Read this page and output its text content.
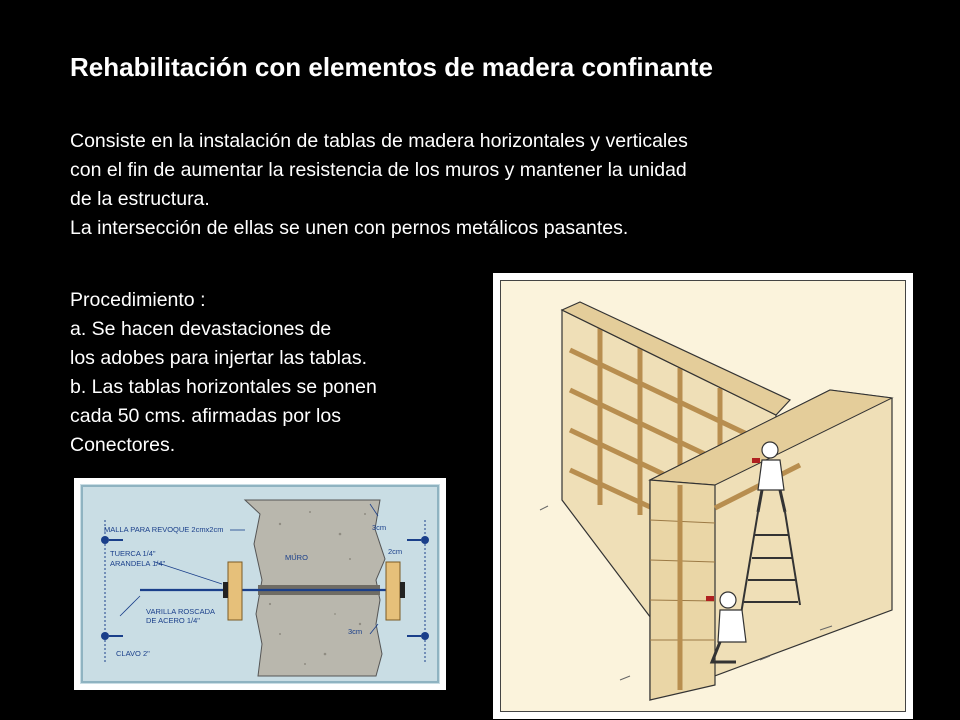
Rehabilitación con elementos de madera confinante
Consiste en la instalación de tablas de madera horizontales y verticales
con el fin de aumentar la resistencia de los muros y mantener la unidad
de la estructura.
La intersección de ellas se unen con pernos metálicos pasantes.
Procedimiento :
a. Se hacen devastaciones de
los adobes para injertar las tablas.
b. Las tablas horizontales se ponen
cada 50 cms. afirmadas por los
Conectores.
MALLA PARA REVOQUE 2cmx2cm
TUERCA 1/4"
ARANDELA 1/4"
VARILLA ROSCADA
DE ACERO 1/4"
CLAVO 2"
MURO
3cm
2cm
3cm
